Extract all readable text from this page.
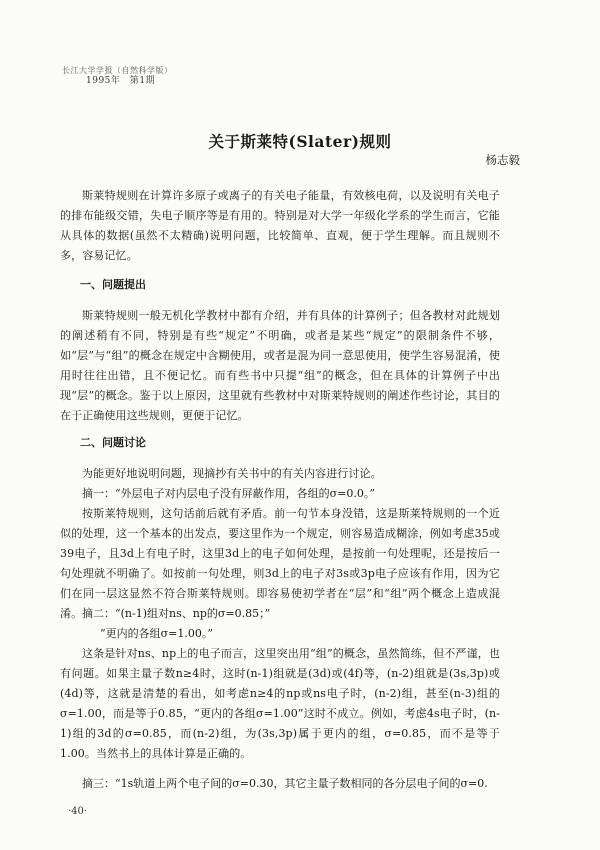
长江大学学报（自然科学版）
1995年　第1期
关于斯莱特(Slater)规则
杨志毅
斯莱特规则在计算许多原子或离子的有关电子能量，有效核电荷，以及说明有关电子的排布能级交错，失电子顺序等是有用的。特别是对大学一年级化学系的学生而言，它能从具体的数据(虽然不太精确)说明问题，比较简单、直观，便于学生理解。而且规则不多，容易记忆。
一、问题提出
斯莱特规则一般无机化学教材中都有介绍，并有具体的计算例子；但各教材对此规划的阐述稍有不同，特别是有些“规定”不明确，或者是某些“规定”的限制条件不够，如“层”与“组”的概念在规定中含糊使用，或者是混为同一意思使用，使学生容易混淆，使用时往往出错，且不便记忆。而有些书中只提“组”的概念，但在具体的计算例子中出现“层”的概念。鉴于以上原因，这里就有些教材中对斯莱特规则的阐述作些讨论，其目的在于正确使用这些规则，更便于记忆。
二、问题讨论
为能更好地说明问题，现摘抄有关书中的有关内容进行讨论。
摘一：“外层电子对内层电子没有屏蔽作用，各组的σ=0.0。”
按斯莱特规则，这句话前后就有矛盾。前一句节本身没错，这是斯莱特规则的一个近似的处理，这一个基本的出发点，要这里作为一个规定，则容易造成糊涂，例如考虑35或39电子，且3d上有电子时，这里3d上的电子如何处理，是按前一句处理呢，还是按后一句处理就不明确了。如按前一句处理，则3d上的电子对3s或3p电子应该有作用，因为它们在同一层这显然不符合斯莱特规则。即容易使初学者在“层”和“组”两个概念上造成混淆。 摘二：“(n-1)组对ns、np的σ=0.85；”
“更内的各组σ=1.00。”
这条是针对ns、np上的电子而言，这里突出用“组”的概念，虽然简练，但不严谨，也有问题。如果主量子数n≥4时，这时(n-1)组就是(3d)或(4f)等，(n-2)组就是(3s,3p)或(4d)等，这就是清楚的看出，如考虑n≥4的np或ns电子时，(n-2)组，甚至(n-3)组的σ=1.00，而是等于0.85，“更内的各组σ=1.00”这时不成立。例如，考虑4s电子时，(n-1)组的3d的σ=0.85，而(n-2)组，为(3s,3p)属于更内的组，σ=0.85，而不是等于1.00。当然书上的具体计算是正确的。
摘三：“1s轨道上两个电子间的σ=0.30，其它主量子数相同的各分层电子间的σ=0.
·40·
